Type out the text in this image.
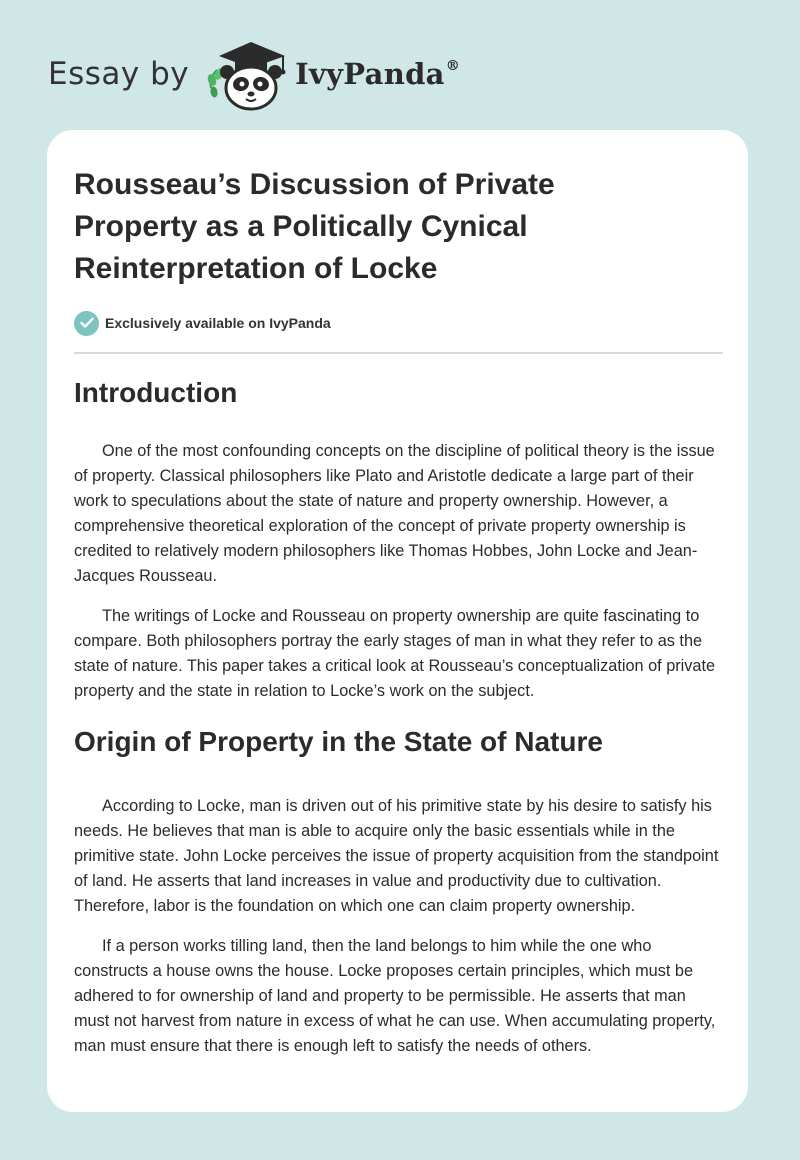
Essay by	IvyPanda®
Rousseau’s Discussion of Private Property as a Politically Cynical Reinterpretation of Locke
Exclusively available on IvyPanda
Introduction

One of the most confounding concepts on the discipline of political theory is the issue of property. Classical philosophers like Plato and Aristotle dedicate a large part of their work to speculations about the state of nature and property ownership. However, a comprehensive theoretical exploration of the concept of private property ownership is credited to relatively modern philosophers like Thomas Hobbes, John Locke and Jean-Jacques Rousseau.

The writings of Locke and Rousseau on property ownership are quite fascinating to compare. Both philosophers portray the early stages of man in what they refer to as the state of nature. This paper takes a critical look at Rousseau’s conceptualization of private property and the state in relation to Locke’s work on the subject.

Origin of Property in the State of Nature

According to Locke, man is driven out of his primitive state by his desire to satisfy his needs. He believes that man is able to acquire only the basic essentials while in the primitive state. John Locke perceives the issue of property acquisition from the standpoint of land. He asserts that land increases in value and productivity due to cultivation. Therefore, labor is the foundation on which one can claim property ownership.

If a person works tilling land, then the land belongs to him while the one who constructs a house owns the house. Locke proposes certain principles, which must be adhered to for ownership of land and property to be permissible. He asserts that man must not harvest from nature in excess of what he can use. When accumulating property, man must ensure that there is enough left to satisfy the needs of others.
